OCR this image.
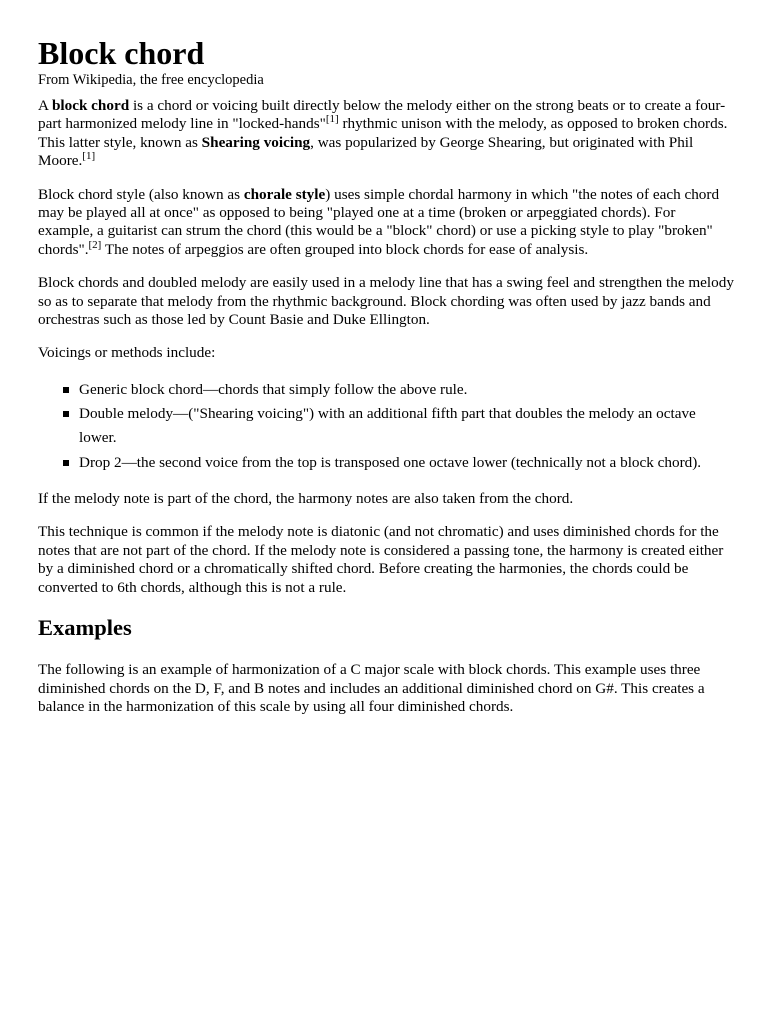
Block chord
From Wikipedia, the free encyclopedia

A block chord is a chord or voicing built directly below the melody either on the strong beats or to create a four-part harmonized melody line in "locked-hands"[1] rhythmic unison with the melody, as opposed to broken chords. This latter style, known as Shearing voicing, was popularized by George Shearing, but originated with Phil Moore.[1]

Block chord style (also known as chorale style) uses simple chordal harmony in which "the notes of each chord may be played all at once" as opposed to being "played one at a time (broken or arpeggiated chords). For example, a guitarist can strum the chord (this would be a "block" chord) or use a picking style to play "broken" chords".[2] The notes of arpeggios are often grouped into block chords for ease of analysis.

Block chords and doubled melody are easily used in a melody line that has a swing feel and strengthen the melody so as to separate that melody from the rhythmic background. Block chording was often used by jazz bands and orchestras such as those led by Count Basie and Duke Ellington.

Voicings or methods include:

Generic block chord—chords that simply follow the above rule.
Double melody—("Shearing voicing") with an additional fifth part that doubles the melody an octave lower.
Drop 2—the second voice from the top is transposed one octave lower (technically not a block chord).

If the melody note is part of the chord, the harmony notes are also taken from the chord.

This technique is common if the melody note is diatonic (and not chromatic) and uses diminished chords for the notes that are not part of the chord. If the melody note is considered a passing tone, the harmony is created either by a diminished chord or a chromatically shifted chord. Before creating the harmonies, the chords could be converted to 6th chords, although this is not a rule.

Examples

The following is an example of harmonization of a C major scale with block chords. This example uses three diminished chords on the D, F, and B notes and includes an additional diminished chord on G#. This creates a balance in the harmonization of this scale by using all four diminished chords.
